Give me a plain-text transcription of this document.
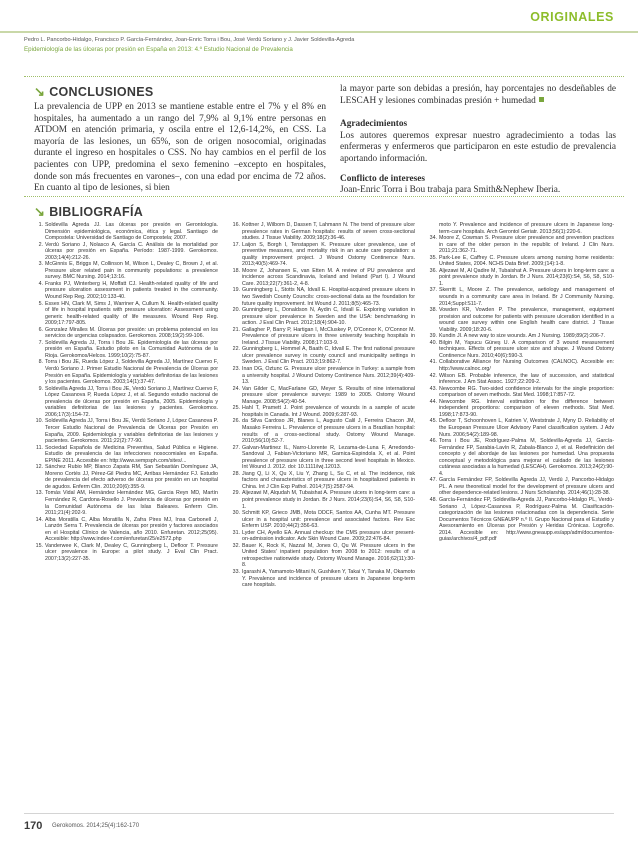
ORIGINALES
Pedro L. Pancorbo-Hidalgo, Francisco P. García-Fernández, Joan-Enric Torra i Bou, José Verdú Soriano y J. Javier Soldevilla-Agreda
Epidemiología de las úlceras por presión en España en 2013: 4.º Estudio Nacional de Prevalencia
↘ CONCLUSIONES
La prevalencia de UPP en 2013 se mantiene estable entre el 7% y el 8% en hospitales, ha aumentado a un rango del 7,9% al 9,1% entre personas en ATDOM en atención primaria, y oscila entre el 12,6-14,2%, en CSS. La mayoría de las lesiones, un 65%, son de origen nosocomial, originadas durante el ingreso en hospitales o CSS. No hay cambios en el perfil de los pacientes con UPP, predomina el sexo femenino –excepto en hospitales, donde son más frecuentes en varones–, con una edad por encima de 72 años. En cuanto al tipo de lesiones, si bien
la mayor parte son debidas a presión, hay porcentajes no desdeñables de LESCAH y lesiones combinadas presión + humedad
Agradecimientos
Los autores queremos expresar nuestro agradecimiento a todas las enfermeras y enfermeros que participaron en este estudio de prevalencia aportando información.
Conflicto de intereses
Joan-Enric Torra i Bou trabaja para Smith&Nephew Iberia.
↘ BIBLIOGRAFÍA
1. Soldevilla Agreda JJ. Las úlceras por presión en Gerontología. Dimensión epidemiológica, económica, ética y legal. Santiago de Compostela: Universidad de Santiago de Compostela; 2007.
2. Verdú Soriano J, Nolasco A, García C. Análisis de la mortalidad por úlceras por presión en España. Período: 1987-1999. Gerokomos. 2003;14(4):212-26.
3. McGinnis E, Briggs M, Collinson M, Wilson L, Dealey C, Brown J, et al. Pressure ulcer related pain in community populations: a prevalence survey. BMC Nursing. 2014;13:16.
4. Franks PJ, Winterberg H, Moffatt CJ. Health-related quality of life and pressure ulceration assessment in patients treated in the community. Wound Rep Reg. 2002;10:133-40.
5. Essex HN, Clark M, Sims J, Warriner A, Cullum N. Health-related quality of life in hospital inpatients with pressure ulceration: Assessment using generic health-related quality of life measures. Wound Rep Reg. 2009;17:797-805.
6. Gonzalez Miralles M. Úlceras por presión: un problema potencial en los servicios de urgencias colapsados. Gerokomos. 2008;19(2):99-106.
7. Soldevilla Agreda JJ, Torra i Bou JE. Epidemiología de las úlceras por presión en España. Estudio piloto en la Comunidad Autónoma de la Rioja. Gerokomos/Helcos. 1999;10(2):75-87.
8. Torra i Bou JE, Rueda López J, Soldevilla Agreda JJ, Martínez Cuervo F, Verdú Soriano J. Primer Estudio Nacional de Prevalencia de Úlceras por Presión en España. Epidemiología y variables definitorias de las lesiones y los pacientes. Gerokomos. 2003;14(1):37-47.
9. Soldevilla Agreda JJ, Torra i Bou JE, Verdú Soriano J, Martínez Cuervo F, López Casanova P, Rueda López J, et al. Segundo estudio nacional de prevalencia de úlceras por presión en España, 2005. Epidemiología y variables definitorias de las lesiones y pacientes. Gerokomos. 2006;17(3):154-72.
10. Soldevilla Agreda JJ, Torra i Bou JE, Verdú Soriano J, López Casanova P. Tercer Estudio Nacional de Prevalencia de Úlceras por Presión en España, 2009. Epidemiología y variables definitorias de las lesiones y pacientes. Gerokomos. 2011;22(2):77-90.
11. Sociedad Española de Medicina Preventiva, Salud Pública e Higiene. Estudio de prevalencia de las infecciones nosocomiales en España. EPINE 2011. Accesible en: http://www.sempsph.com/sites/...
12. Sánchez Rubio MP, Blanco Zapata RM, San Sebastián Domínguez JA, Moreno Cortés JJ, Pérez-Gil Piedra MC, Arribas Hernández FJ. Estudio de prevalencia del efecto adverso de úlceras por presión en un hospital de agudos. Enferm Clin. 2010;20(6):355-9.
13. Tomás Vidal AM, Hernández Hernández MG, Garcia Reyn MD, Martín Fernández R, Cardona-Rosello J. Prevalencia de úlceras por presión en la Comunidad Autónoma de las Islas Baleares. Enferm Clin. 2011;21(4):202-9.
14. Alba Moratilla C, Alba Moratilla N, Zafra Pires MJ, Insa Carbonell J, Lanzón Serra T. Prevalencia de úlceras por presión y factores asociados en el Hospital Clínico de Valencia, año 2010. Enfuretan. 2012;25(95). Accesible: http://www.index-f.com/enfuretan/25/e2572.php
15. Vanderwee K, Clark M, Dealey C, Gunningberg L, Defloor T. Pressure ulcer prevalence in Europe: a pilot study. J Eval Clin Pract. 2007;13(2):227-35.
16. Kottner J, Wilborn D, Dassen T, Lahmann N. The trend of pressure ulcer prevalence rates in German hospitals: results of seven cross-sectional studies. J Tissue Viability. 2009;18(2):36-46.
17. Laijon S, Borgh I, Tenstappen K. Pressure ulcer prevalence, use of preventive measures, and mortality risk in an acute care population: a quality improvement project. J Wound Ostomy Continence Nurs. 2013;40(5):469-74.
18. Moore Z, Johansen E, van Etten M. A review of PU prevalence and incidence across Scandinavia, Iceland and Ireland (Part I). J Wound Care. 2013;22(7):361-2, 4-8.
19. Gunningberg L, Stotts NA, Idvall E. Hospital-acquired pressure ulcers in two Swedish County Councils: cross-sectional data as the foundation for future quality improvement. Int Wound J. 2011;8(5):465-73.
20. Gunningberg L, Donaldson N, Aydin C, Idvall E. Exploring variation in pressure ulcer prevalence in Sweden and the USA: benchmarking in action. J Eval Clin Pract. 2012;18(4):904-10.
21. Gallagher P, Barry P, Hartigan I, McCluskey P, O'Connor K, O'Connor M. Prevalence of pressure ulcers in three university teaching hospitals in Ireland. J Tissue Viability. 2008;17:103-9.
22. Gunningberg L, Hommel A, Baath C, Idvall E. The first national pressure ulcer prevalence survey in county council and municipality settings in Sweden. J Eval Clin Pract. 2013;19:862-7.
23. Inan DG, Oztunc G. Pressure ulcer prevalence in Turkey: a sample from a university hospital. J Wound Ostomy Continence Nurs. 2012;39(4):409-13.
24. Van Gilder C, MacFarlane GD, Meyer S. Results of nine international pressure ulcer prevalence surveys: 1989 to 2005. Ostomy Wound Manage. 2008;54(2):40-54.
25. Hahl T, Pramett J. Point prevalence of wounds in a sample of acute hospitals in Canada. Int J Wound. 2009;6:287-93.
26. da Silva Cardoso JR, Blanes L, Augusto Calil J, Ferreira Chacon JM, Masako Ferreira L. Prevalence of pressure ulcers in a Brazilian hospital: results of a cross-sectional study. Ostomy Wound Manage. 2010;56(10):52-7.
27. Galvan-Martinez IL, Narro-Llorente R, Lezama-de-Luna F, Arredondo-Sandoval J, Fabian-Victoriano MR, Garnica-Espindola X, et al. Point prevalence of pressure ulcers in three second level hospitals in Mexico. Int Wound J. 2012. doi: 10.1111/iwj.12013.
28. Jiang Q, Li X, Qu X, Liu Y, Zhang L, Su C, et al. The incidence, risk factors and characteristics of pressure ulcers in hospitalized patients in China. Int J Clin Exp Pathol. 2014;7(5):2587-94.
29. Aljezawi M, Alqudah M, Tubaishat A. Pressure ulcers in long-term care: a point prevalence study in Jordan. Br J Nurs. 2014;23(6):S4, S6, S8, S10-1.
30. Schmitt KP, Grieco JMB, Mota DDCF, Santos AA, Cunha MT. Pressure ulcer in a hospital unit: prevalence and associated factors. Rev Esc Enferm USP. 2010;44(2):356-63.
31. Lyder CH, Ayello EA. Annual checkup: the CMS pressure ulcer present-on-admission indicator. Adv Skin Wound Care. 2009;22:476-84.
32. Bauer K, Rock K, Nazzal M, Jones O, Qu W. Pressure ulcers in the United States' inpatient population from 2008 to 2012: results of a retrospective nationwide study. Ostomy Wound Manage. 2016;62(11):30-8.
33. Igarashi A, Yamamoto-Mitani N, Gushiken Y, Takai Y, Tanaka M, Okamoto Y. Prevalence and incidence of pressure ulcers in Japanese long-term care hospitals.
moto Y. Prevalence and incidence of pressure ulcers in Japanese long-term-care hospitals. Arch Gerontol Geriatr. 2013;56(1):220-6.
34. Moore Z, Cowman S. Pressure ulcer prevalence and prevention practices in care of the older person in the republic of Ireland. J Clin Nurs. 2011;21:362-71.
35. Park-Lee E, Caffrey C. Pressure ulcers among nursing home residents: United States, 2004. NCHS Data Brief. 2009;(14):1-8.
36. Aljezawi M, Al Qadire M, Tubaishat A. Pressure ulcers in long-term care: a point prevalence study in Jordan. Br J Nurs. 2014;23(6):S4, S6, S8, S10-1.
37. Skerritt L, Moore Z. The prevalence, aetiology and management of wounds in a community care area in Ireland. Br J Community Nursing. 2014;Suppl:S11-7.
38. Vowden KR, Vowden P. The prevalence, management, equipment provision and outcome for patients with pressure ulceration identified in a wound care survey within one English health care district. J Tissue Viability. 2009;18:20-6.
39. Kundin JI. A new way to size wounds. Am J Nursing. 1989;89(2):206-7.
40. Bilgin M, Yapucu Güneş U. A comparison of 3 wound measurement techniques. Effects of pressure ulcer size and shape. J Wound Ostomy Continence Nurs. 2010;40(6):590-3.
41. Collaborative Alliance for Nursing Outcomes (CALNOC). Accesible en: http://www.calnoc.org/
42. Wilson EB. Probable inference, the law of succession, and statistical inference. J Am Stat Assoc. 1927;22:209-2.
43. Newcombe RG. Two-sided confidence intervals for the single proportion: comparison of seven methods. Stat Med. 1998;17:857-72.
44. Newcombe RG. Interval estimation for the difference between independent proportions: comparison of eleven methods. Stat Med. 1998;17:873-90.
45. Defloor T, Schoonhoven L, Katrien V, Weststrate J, Myny D. Reliability of the European Pressure Ulcer Advisory Panel classification system. J Adv Nurs. 2006;54(2):189-98.
46. Torra i Bou JE, Rodríguez-Palma M, Soldevilla-Agreda JJ, García-Fernández FP, Sarabia-Lavín R, Zabala-Blanco J, et al. Redefinición del concepto y del abordaje de las lesiones por humedad. Una propuesta conceptual y metodológica para mejorar el cuidado de las lesiones cutáneas asociadas a la humedad (LESCAH). Gerokomos. 2013;24(2):90-4.
47. García Fernández FP, Soldevilla Agreda JJ, Verdú J, Pancorbo-Hidalgo PL. A new theoretical model for the development of pressure ulcers and other dependence-related lesions. J Nurs Scholarship. 2014;46(1):28-38.
48. García-Fernández FP, Soldevilla-Agreda JJ, Pancorbo-Hidalgo PL, Verdú-Soriano J, López-Casanova P, Rodríguez-Palma M. Clasificación-categorización de las lesiones relacionadas con la dependencia. Serie Documentos Técnicos GNEAUPP n.º II. Grupo Nacional para el Estudio y Asesoramiento en Úlceras por Presión y Heridas Crónicas. Logroño. 2014. Accesible en: http://www.gneaupp.es/app/adm/documentos-guias/archivos/4_pdf.pdf
170 Gerokomos. 2014;25(4):162-170
